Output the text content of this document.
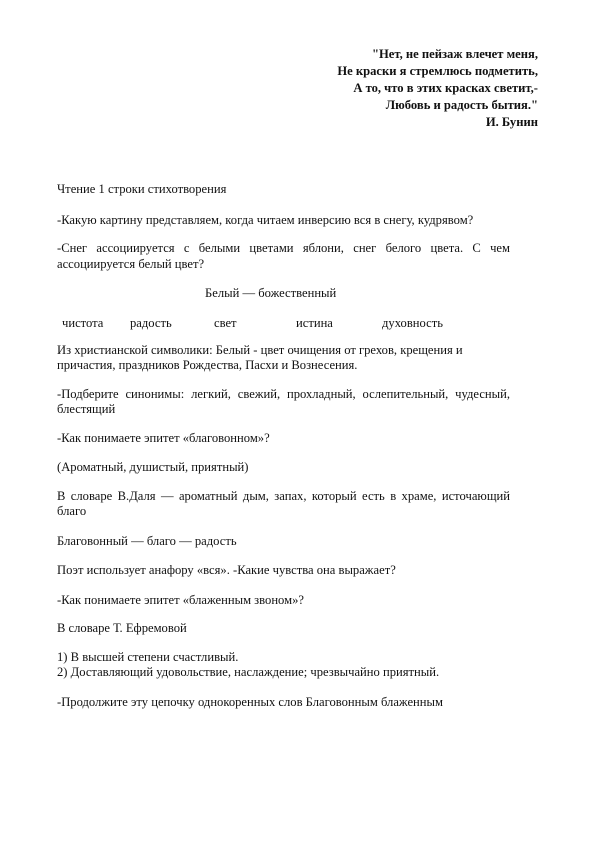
"Нет, не пейзаж влечет меня,
Не краски я стремлюсь подметить,
А то, что в этих красках светит,-
Любовь и радость бытия."
И. Бунин

Чтение 1 строки стихотворения

-Какую картину представляем, когда читаем инверсию вся в снегу, кудрявом?

-Снег ассоциируется с белыми цветами яблони, снег белого цвета. С чем ассоциируется белый цвет?

Белый — божественный

чистота радость	свет	истина	духовность

Из христианской символики: Белый - цвет очищения от грехов, крещения и причастия, праздников Рождества, Пасхи и Вознесения.

-Подберите синонимы: легкий, свежий, прохладный, ослепительный, чудесный, блестящий

-Как понимаете эпитет «благовонном»?

(Ароматный, душистый, приятный)

В словаре В.Даля — ароматный дым, запах, который есть в храме, источающий благо

Благовонный — благо — радость

Поэт использует анафору «вся». -Какие чувства она выражает?

-Как понимаете эпитет «блаженным звоном»?

В словаре Т. Ефремовой

1) В высшей степени счастливый.

2) Доставляющий удовольствие, наслаждение; чрезвычайно приятный.

-Продолжите эту цепочку однокоренных слов Благовонным блаженным
